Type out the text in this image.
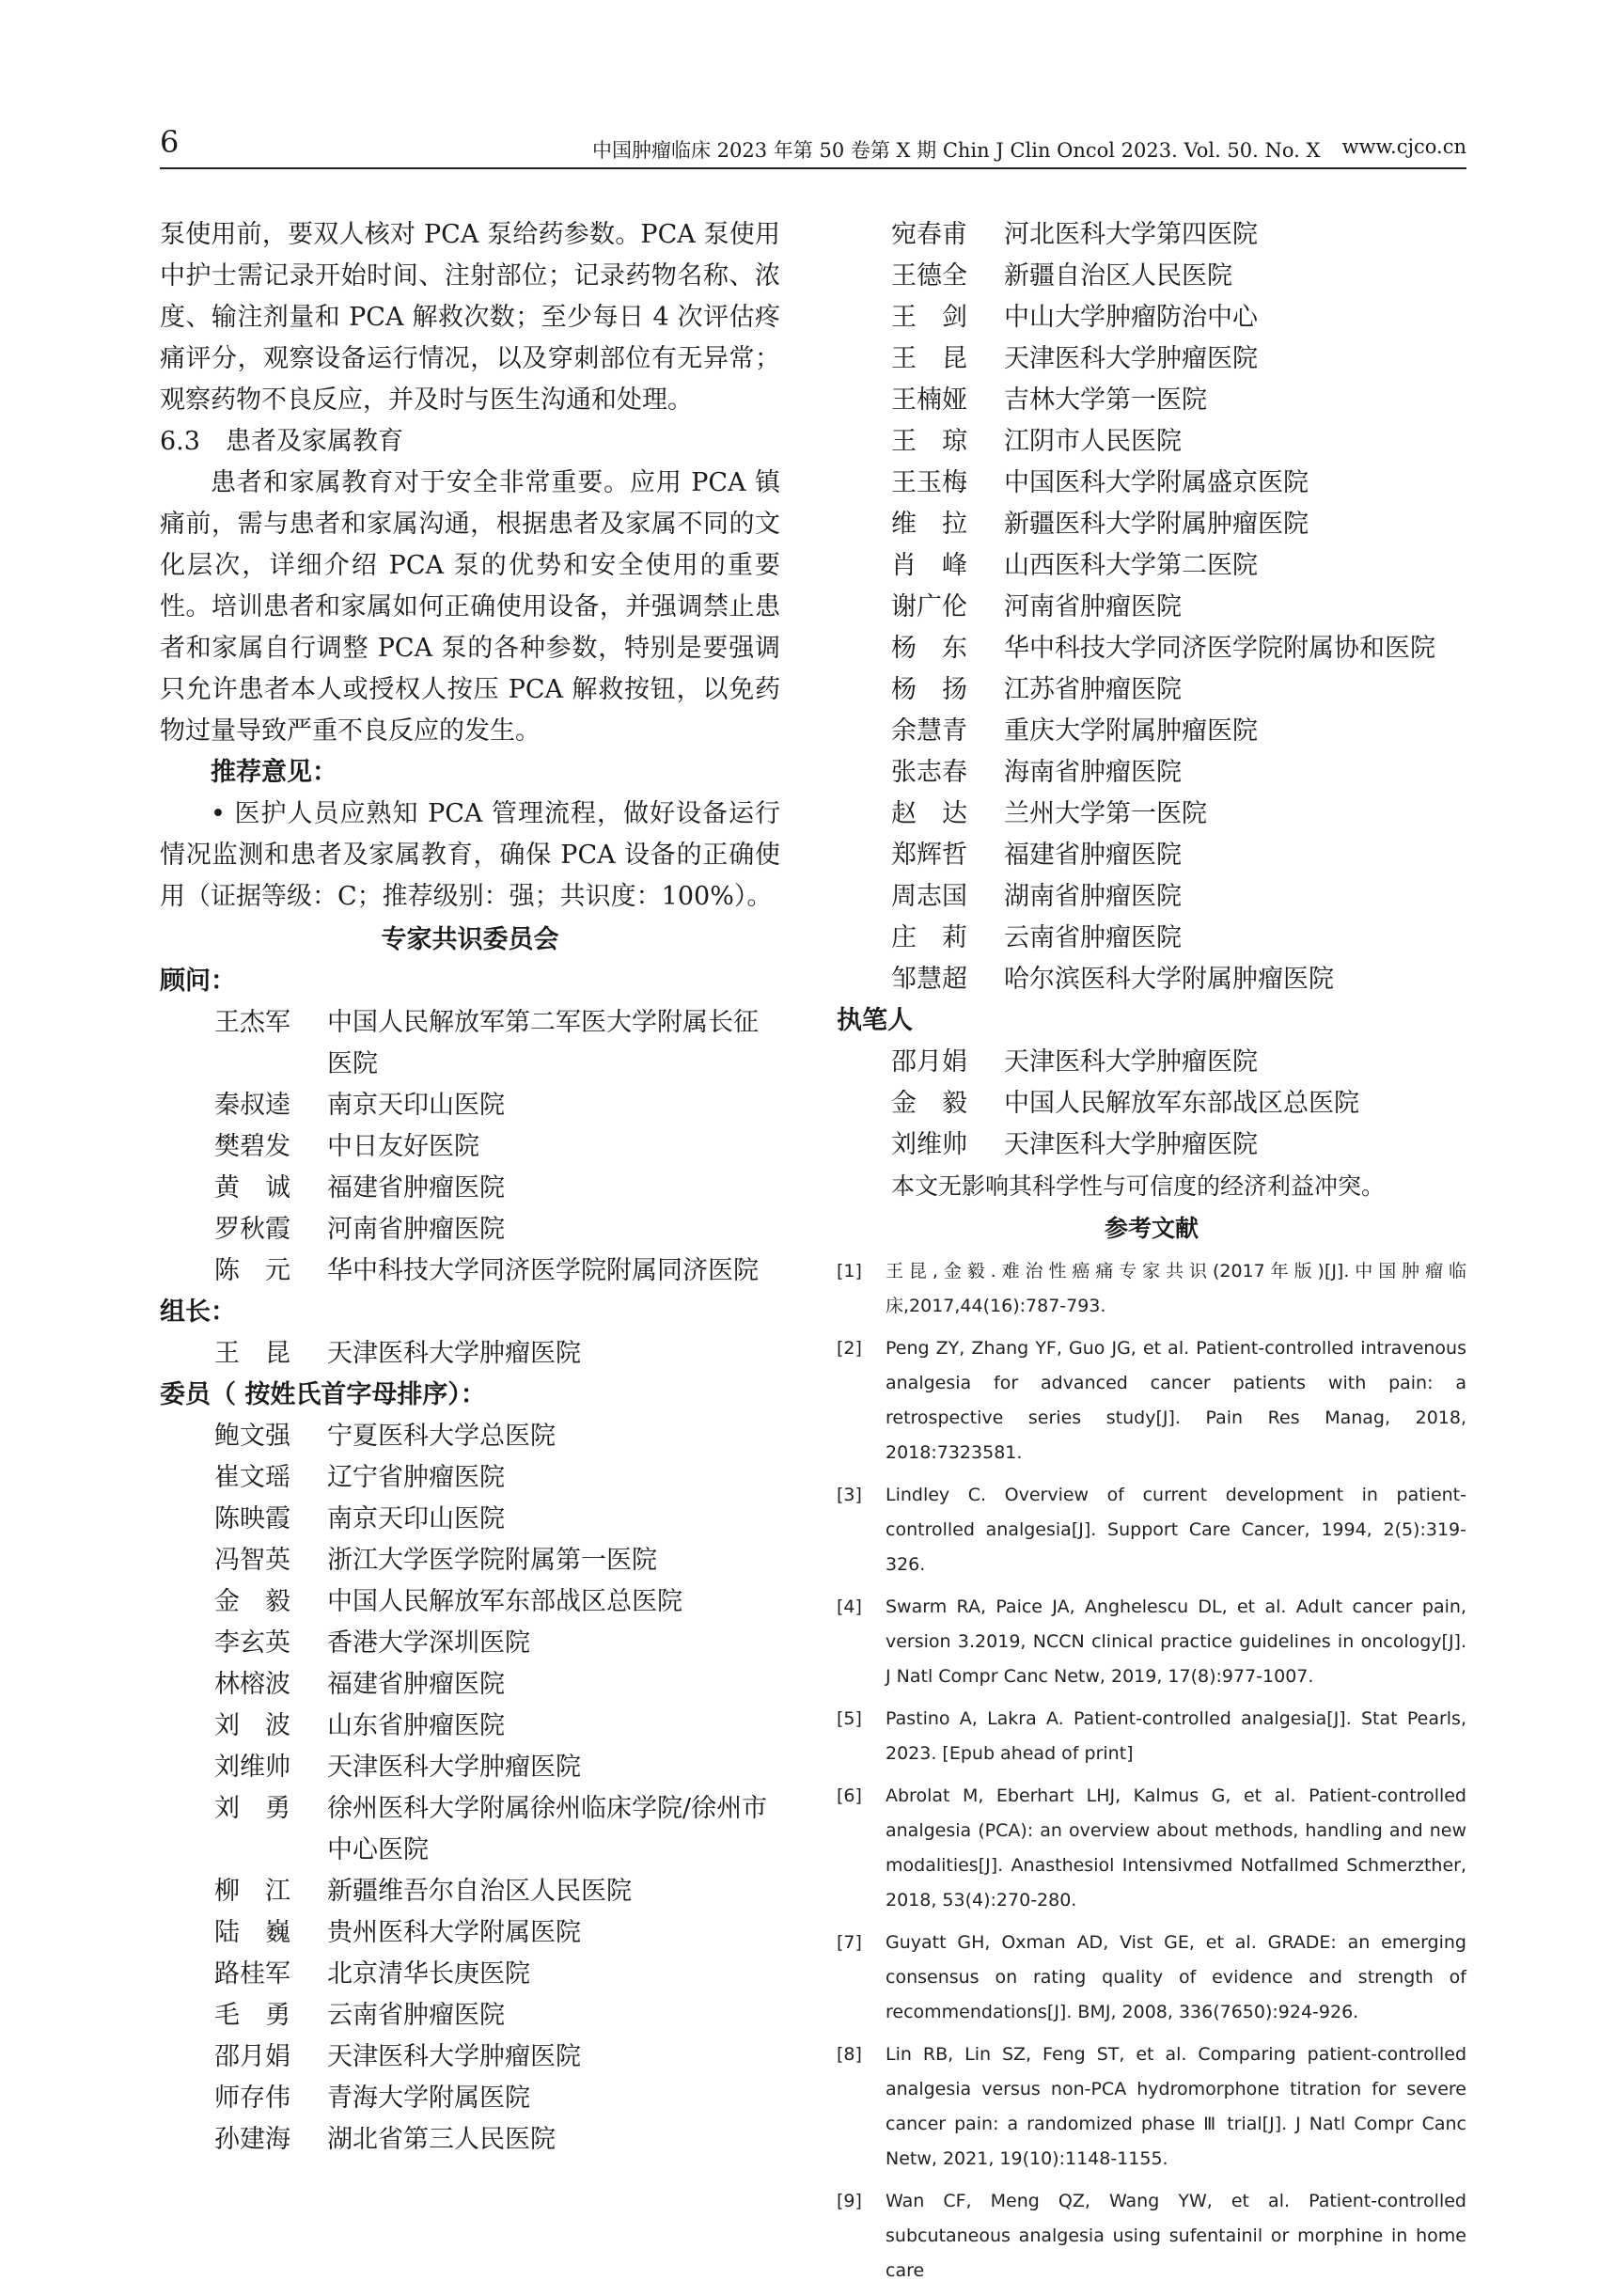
6	中国肿瘤临床 2023 年第 50 卷第 X 期 Chin J Clin Oncol 2023. Vol. 50. No. X www.cjco.cn

泵使用前，要双人核对 PCA 泵给药参数。PCA 泵使用中护士需记录开始时间、注射部位；记录药物名称、浓度、输注剂量和 PCA 解救次数；至少每日 4 次评估疼痛评分，观察设备运行情况，以及穿刺部位有无异常；观察药物不良反应，并及时与医生沟通和处理。

6.3　患者及家属教育

患者和家属教育对于安全非常重要。应用 PCA 镇痛前，需与患者和家属沟通，根据患者及家属不同的文化层次，详细介绍 PCA 泵的优势和安全使用的重要性。培训患者和家属如何正确使用设备，并强调禁止患者和家属自行调整 PCA 泵的各种参数，特别是要强调只允许患者本人或授权人按压 PCA 解救按钮，以免药物过量导致严重不良反应的发生。

推荐意见：

• 医护人员应熟知 PCA 管理流程，做好设备运行情况监测和患者及家属教育，确保 PCA 设备的正确使用（证据等级：C；推荐级别：强；共识度：100%）。

专家共识委员会

顾问：

王杰军	中国人民解放军第二军医大学附属长征医院
秦叔逵	南京天印山医院
樊碧发	中日友好医院
黄　诚	福建省肿瘤医院
罗秋霞	河南省肿瘤医院
陈　元	华中科技大学同济医学院附属同济医院

组长：

王　昆	天津医科大学肿瘤医院

委员（ 按姓氏首字母排序）：

鲍文强	宁夏医科大学总医院
崔文瑶	辽宁省肿瘤医院
陈映霞	南京天印山医院
冯智英	浙江大学医学院附属第一医院
金　毅	中国人民解放军东部战区总医院
李玄英	香港大学深圳医院
林榕波	福建省肿瘤医院
刘　波	山东省肿瘤医院
刘维帅	天津医科大学肿瘤医院
刘　勇	徐州医科大学附属徐州临床学院/徐州市中心医院
柳　江	新疆维吾尔自治区人民医院
陆　巍	贵州医科大学附属医院
路桂军	北京清华长庚医院
毛　勇	云南省肿瘤医院
邵月娟	天津医科大学肿瘤医院
师存伟	青海大学附属医院
孙建海	湖北省第三人民医院
宛春甫	河北医科大学第四医院
王德全	新疆自治区人民医院
王　剑	中山大学肿瘤防治中心
王　昆	天津医科大学肿瘤医院
王楠娅	吉林大学第一医院
王　琼	江阴市人民医院
王玉梅	中国医科大学附属盛京医院
维　拉	新疆医科大学附属肿瘤医院
肖　峰	山西医科大学第二医院
谢广伦	河南省肿瘤医院
杨　东	华中科技大学同济医学院附属协和医院
杨　扬	江苏省肿瘤医院
余慧青	重庆大学附属肿瘤医院
张志春	海南省肿瘤医院
赵　达	兰州大学第一医院
郑辉哲	福建省肿瘤医院
周志国	湖南省肿瘤医院
庄　莉	云南省肿瘤医院
邹慧超	哈尔滨医科大学附属肿瘤医院

执笔人

邵月娟	天津医科大学肿瘤医院
金　毅	中国人民解放军东部战区总医院
刘维帅	天津医科大学肿瘤医院

本文无影响其科学性与可信度的经济利益冲突。

参考文献

[1]	王昆,金毅.难治性癌痛专家共识(2017年版)[J].中国肿瘤临床,2017,44(16):787-793.
[2]	Peng ZY, Zhang YF, Guo JG, et al. Patient-controlled intravenous analgesia for advanced cancer patients with pain: a retrospective series study[J]. Pain Res Manag, 2018, 2018:7323581.
[3]	Lindley C. Overview of current development in patient-controlled analgesia[J]. Support Care Cancer, 1994, 2(5):319-326.
[4]	Swarm RA, Paice JA, Anghelescu DL, et al. Adult cancer pain, version 3.2019, NCCN clinical practice guidelines in oncology[J]. J Natl Compr Canc Netw, 2019, 17(8):977-1007.
[5]	Pastino A, Lakra A. Patient-controlled analgesia[J]. Stat Pearls, 2023. [Epub ahead of print]
[6]	Abrolat M, Eberhart LHJ, Kalmus G, et al. Patient-controlled analgesia (PCA): an overview about methods, handling and new modalities[J]. Anasthesiol Intensivmed Notfallmed Schmerzther, 2018, 53(4):270-280.
[7]	Guyatt GH, Oxman AD, Vist GE, et al. GRADE: an emerging consensus on rating quality of evidence and strength of recommendations[J]. BMJ, 2008, 336(7650):924-926.
[8]	Lin RB, Lin SZ, Feng ST, et al. Comparing patient-controlled analgesia versus non-PCA hydromorphone titration for severe cancer pain: a randomized phase Ⅲ trial[J]. J Natl Compr Canc Netw, 2021, 19(10):1148-1155.
[9]	Wan CF, Meng QZ, Wang YW, et al. Patient-controlled subcutaneous analgesia using sufentainil or morphine in home care
